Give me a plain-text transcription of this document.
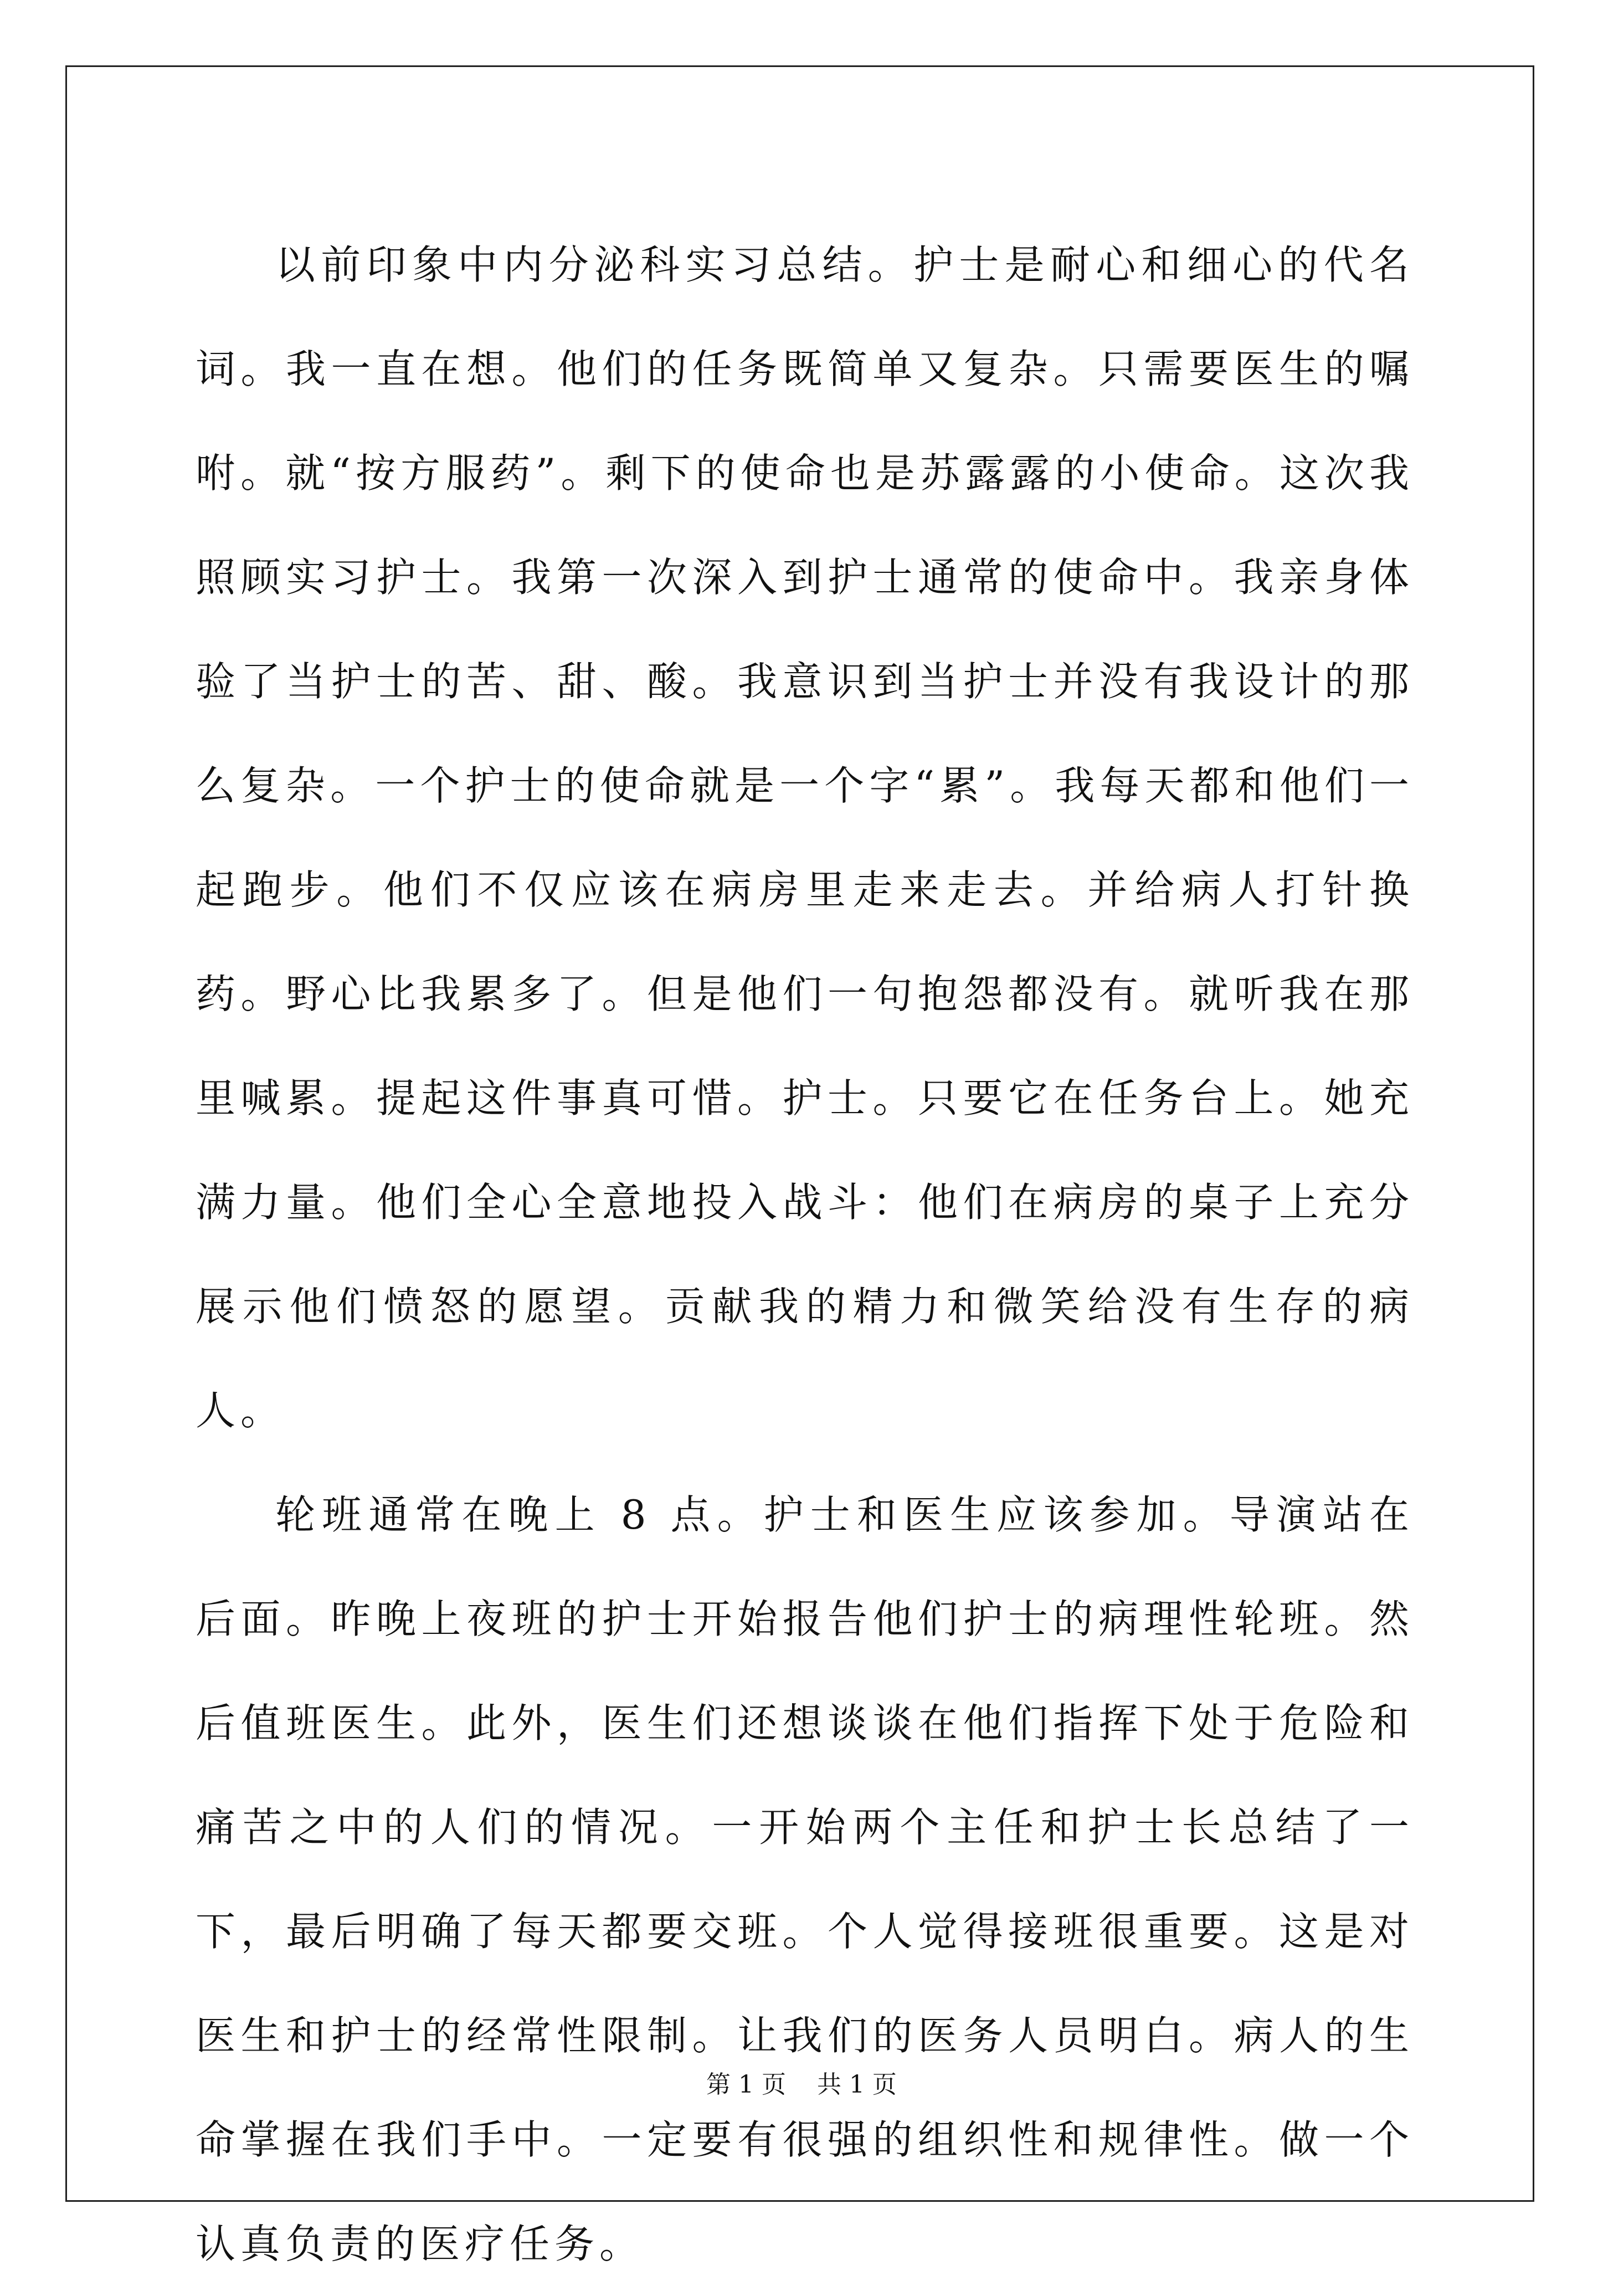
以前印象中内分泌科实习总结。护士是耐心和细心的代名词。我一直在想。他们的任务既简单又复杂。只需要医生的嘱咐。就“按方服药”。剩下的使命也是苏露露的小使命。这次我照顾实习护士。我第一次深入到护士通常的使命中。我亲身体验了当护士的苦、甜、酸。我意识到当护士并没有我设计的那么复杂。一个护士的使命就是一个字“累”。我每天都和他们一起跑步。他们不仅应该在病房里走来走去。并给病人打针换药。野心比我累多了。但是他们一句抱怨都没有。就听我在那里喊累。提起这件事真可惜。护士。只要它在任务台上。她充满力量。他们全心全意地投入战斗：他们在病房的桌子上充分展示他们愤怒的愿望。贡献我的精力和微笑给没有生存的病人。

轮班通常在晚上 8 点。护士和医生应该参加。导演站在后面。昨晚上夜班的护士开始报告他们护士的病理性轮班。然后值班医生。此外，医生们还想谈谈在他们指挥下处于危险和痛苦之中的人们的情况。一开始两个主任和护士长总结了一下，最后明确了每天都要交班。个人觉得接班很重要。这是对医生和护士的经常性限制。让我们的医务人员明白。病人的生命掌握在我们手中。一定要有很强的组织性和规律性。做一个认真负责的医疗任务。

第 1 页 共 1 页
